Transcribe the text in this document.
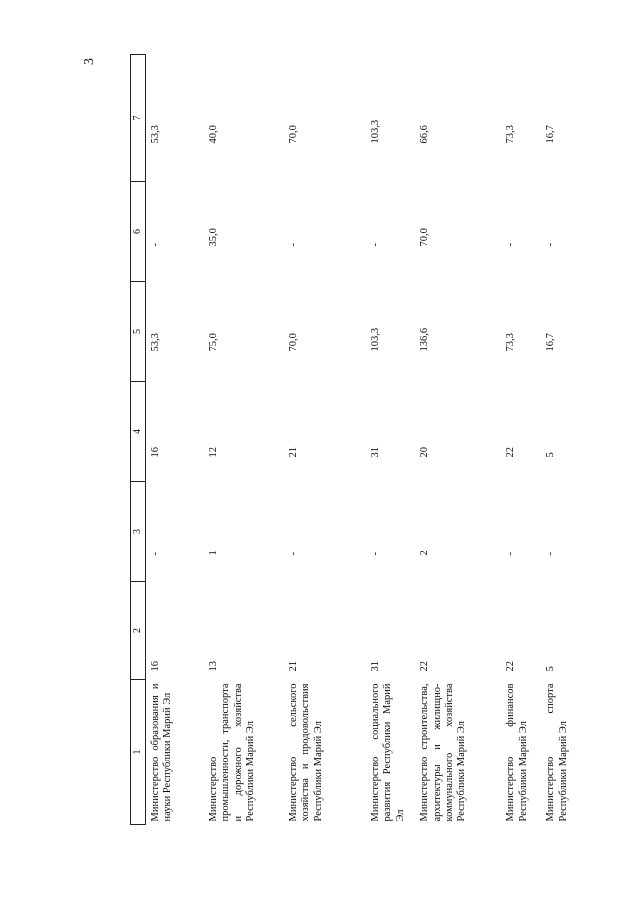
3
1	2	3	4	5	6	7
Министерство образования и науки Республики Марий Эл	16	-	16	53,3	-	53,3
Министерство промышленности, транспорта и дорожного хозяйства Республики Марий Эл	13	1	12	75,0	35,0	40,0
Министерство сельского хозяйства и продовольствия Республики Марий Эл	21	-	21	70,0	-	70,0
Министерство социального развития Республики Марий Эл	31	-	31	103,3	-	103,3
Министерство строительства, архитектуры и жилищно-коммунального хозяйства Республики Марий Эл	22	2	20	136,6	70,0	66,6
Министерство финансов Республики Марий Эл	22	-	22	73,3	-	73,3
Министерство спорта Республики Марий Эл	5	-	5	16,7	-	16,7
